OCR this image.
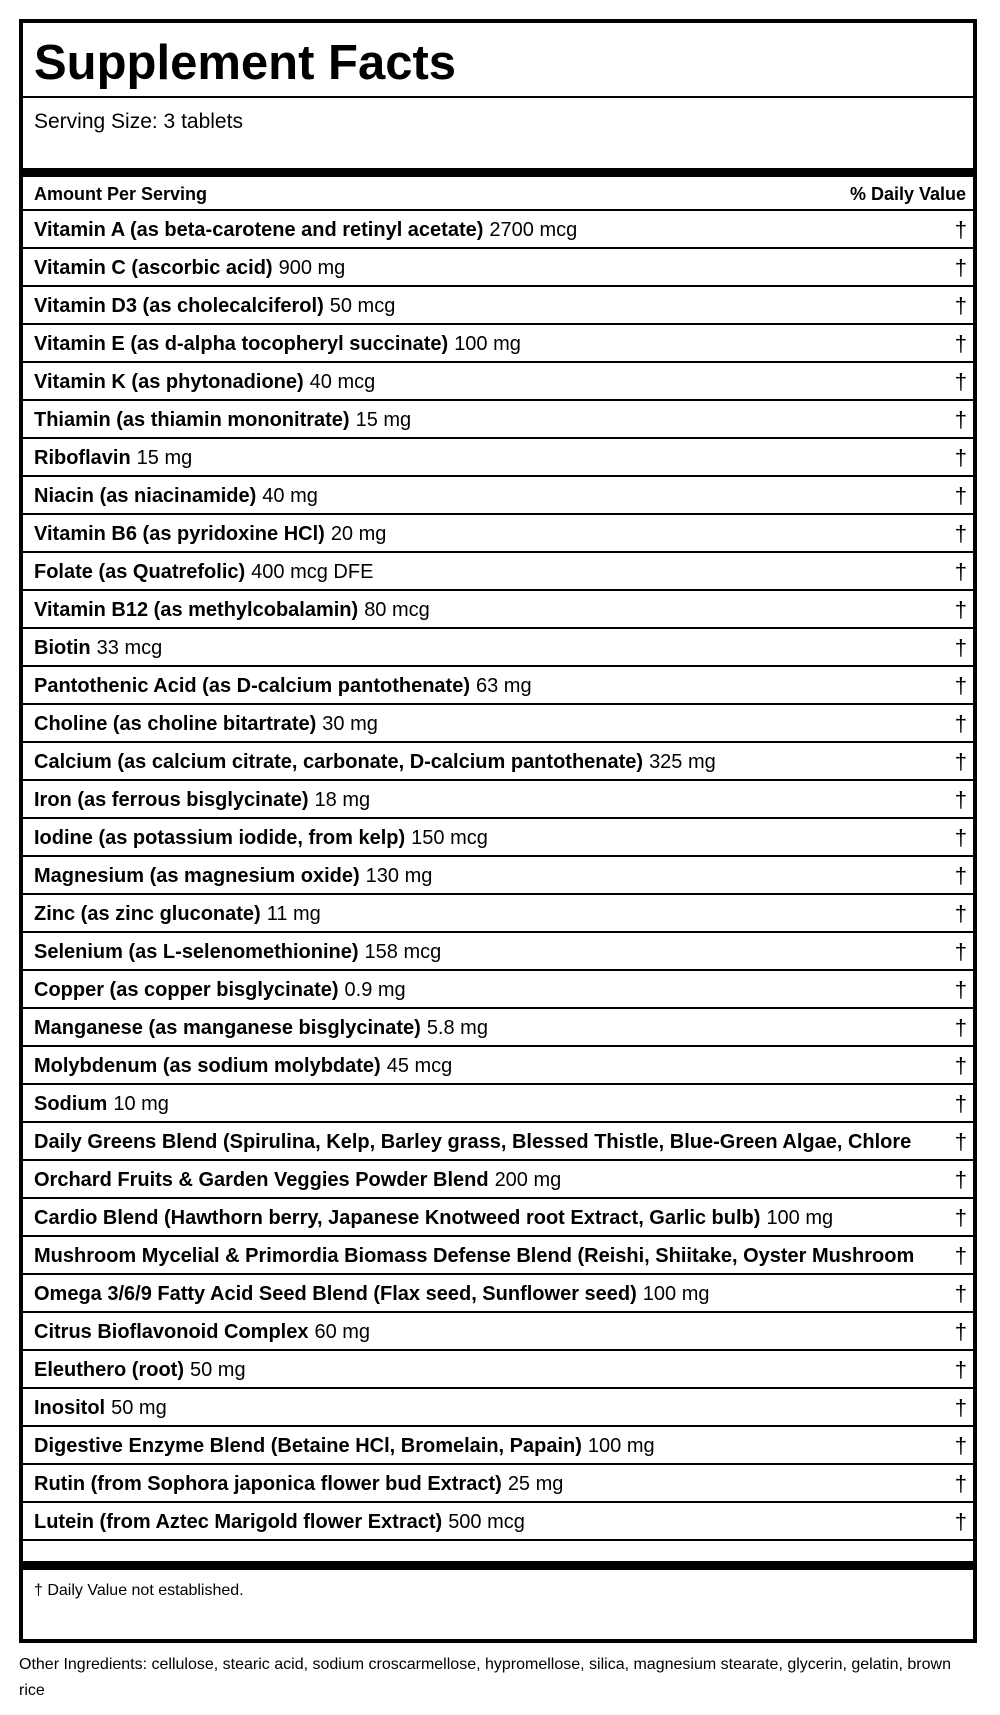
Supplement Facts
Serving Size: 3 tablets
Amount Per Serving	% Daily Value
Vitamin A (as beta-carotene and retinyl acetate) 2700 mcg	†
Vitamin C (ascorbic acid) 900 mg	†
Vitamin D3 (as cholecalciferol) 50 mcg	†
Vitamin E (as d-alpha tocopheryl succinate) 100 mg	†
Vitamin K (as phytonadione) 40 mcg	†
Thiamin (as thiamin mononitrate) 15 mg	†
Riboflavin 15 mg	†
Niacin (as niacinamide) 40 mg	†
Vitamin B6 (as pyridoxine HCl) 20 mg	†
Folate (as Quatrefolic) 400 mcg DFE	†
Vitamin B12 (as methylcobalamin) 80 mcg	†
Biotin 33 mcg	†
Pantothenic Acid (as D-calcium pantothenate) 63 mg	†
Choline (as choline bitartrate) 30 mg	†
Calcium (as calcium citrate, carbonate, D-calcium pantothenate) 325 mg	†
Iron (as ferrous bisglycinate) 18 mg	†
Iodine (as potassium iodide, from kelp) 150 mcg	†
Magnesium (as magnesium oxide) 130 mg	†
Zinc (as zinc gluconate) 11 mg	†
Selenium (as L-selenomethionine) 158 mcg	†
Copper (as copper bisglycinate) 0.9 mg	†
Manganese (as manganese bisglycinate) 5.8 mg	†
Molybdenum (as sodium molybdate) 45 mcg	†
Sodium 10 mg	†
Daily Greens Blend (Spirulina, Kelp, Barley grass, Blessed Thistle, Blue-Green Algae, Chlore †
Orchard Fruits & Garden Veggies Powder Blend 200 mg	†
Cardio Blend (Hawthorn berry, Japanese Knotweed root Extract, Garlic bulb) 100 mg	†
Mushroom Mycelial & Primordia Biomass Defense Blend (Reishi, Shiitake, Oyster Mushroom †
Omega 3/6/9 Fatty Acid Seed Blend (Flax seed, Sunflower seed) 100 mg	†
Citrus Bioflavonoid Complex 60 mg	†
Eleuthero (root) 50 mg	†
Inositol 50 mg	†
Digestive Enzyme Blend (Betaine HCl, Bromelain, Papain) 100 mg	†
Rutin (from Sophora japonica flower bud Extract) 25 mg	†
Lutein (from Aztec Marigold flower Extract) 500 mcg	†
† Daily Value not established.
Other Ingredients: cellulose, stearic acid, sodium croscarmellose, hypromellose, silica, magnesium stearate, glycerin, gelatin, brown rice
